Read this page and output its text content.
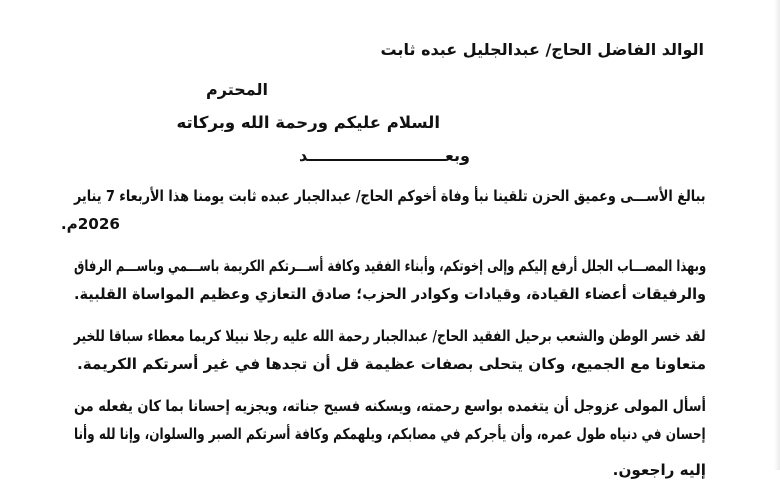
الوالد الفاضل الحاج/ عبدالجليل عبده ثابت
المحترم
السلام عليكم ورحمة الله وبركاته
وبعـــــــــــــــــــــــــد
ببالغ الأســـى وعميق الحزن تلقينا نبأ وفاة أخوكم الحاج/ عبدالجبار عبده ثابت يومنا هذا الأربعاء 7 يناير
2026م.
وبهذا المصـــاب الجلل أرفع إليكم وإلى إخوتكم، وأبناء الفقيد وكافة أســـرتكم الكريمة باســـمي وباســـم الرفاق
والرفيقات أعضاء القيادة، وقيادات وكوادر الحزب؛ صادق التعازي وعظيم المواساة القلبية.
لقد خسر الوطن والشعب برحيل الفقيد الحاج/ عبدالجبار رحمة الله عليه رجلا نبيلا كريما معطاء سباقا للخير
متعاونا مع الجميع، وكان يتحلى بصفات عظيمة قل أن تجدها في غير أسرتكم الكريمة.
أسأل المولى عزوجل أن يتغمده بواسع رحمته، ويسكنه فسيح جناته، ويجزيه إحسانا بما كان يفعله من
إحسان في دنياه طول عمره، وأن يأجركم في مصابكم، ويلهمكم وكافة أسرتكم الصبر والسلوان، وإنا لله وأنا
إليه راجعون.
